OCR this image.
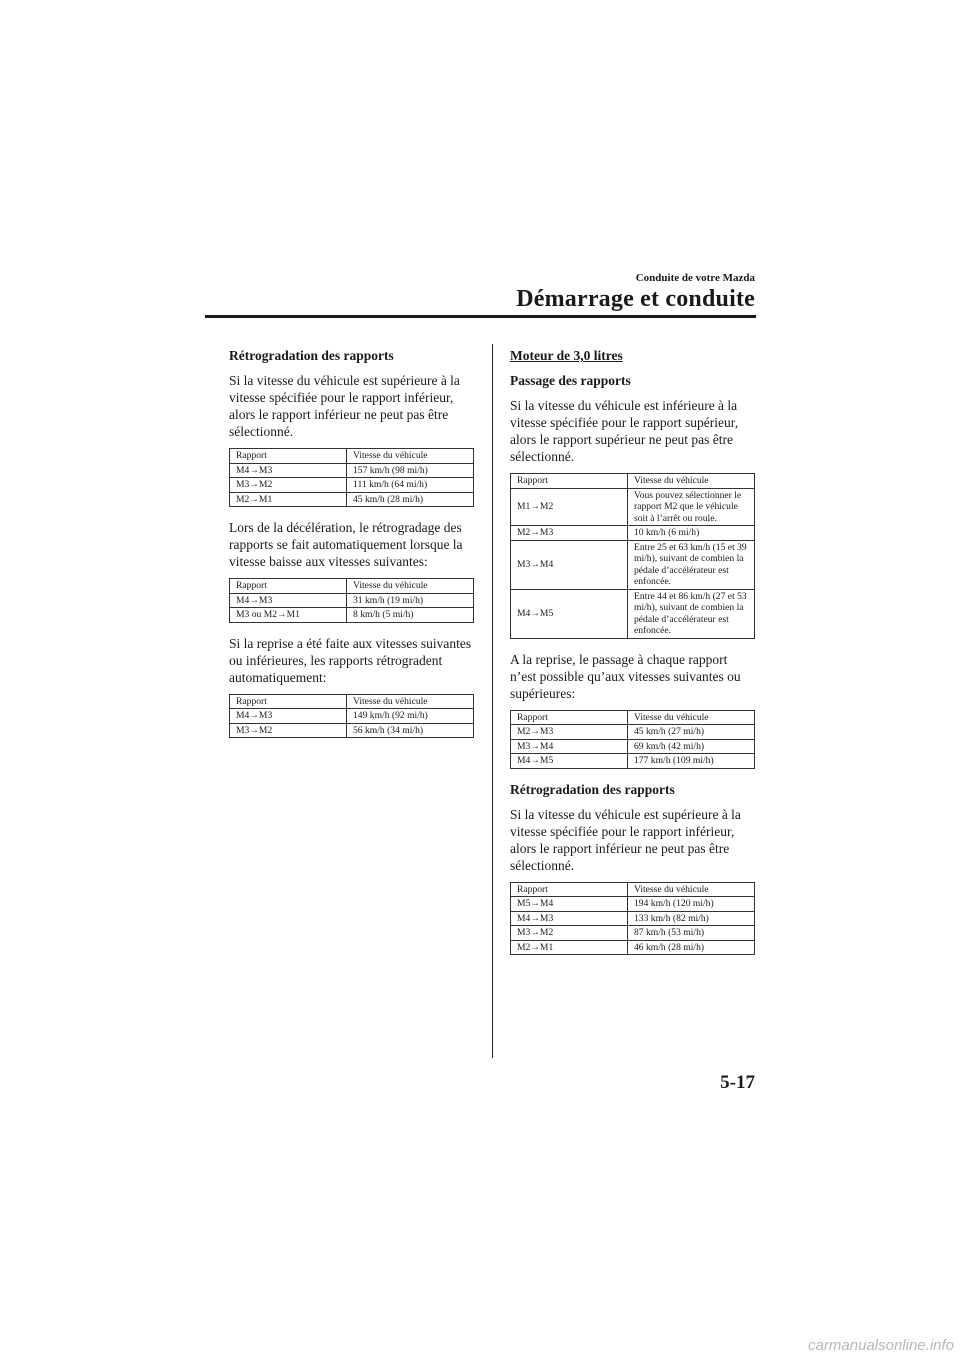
Conduite de votre Mazda
Démarrage et conduite
Rétrogradation des rapports

Si la vitesse du véhicule est supérieure à la vitesse spécifiée pour le rapport inférieur, alors le rapport inférieur ne peut pas être sélectionné.

Rapport	Vitesse du véhicule
M4→M3	157 km/h (98 mi/h)
M3→M2	111 km/h (64 mi/h)
M2→M1	45 km/h (28 mi/h)

Lors de la décélération, le rétrogradage des rapports se fait automatiquement lorsque la vitesse baisse aux vitesses suivantes:

Rapport	Vitesse du véhicule
M4→M3	31 km/h (19 mi/h)
M3 ou M2→M1	8 km/h (5 mi/h)

Si la reprise a été faite aux vitesses suivantes ou inférieures, les rapports rétrogradent automatiquement:

Rapport	Vitesse du véhicule
M4→M3	149 km/h (92 mi/h)
M3→M2	56 km/h (34 mi/h)
Moteur de 3,0 litres
Passage des rapports

Si la vitesse du véhicule est inférieure à la vitesse spécifiée pour le rapport supérieur, alors le rapport supérieur ne peut pas être sélectionné.

Rapport	Vitesse du véhicule
M1→M2	Vous pouvez sélectionner le rapport M2 que le véhicule soit à l’arrêt ou roule.
M2→M3	10 km/h (6 mi/h)
M3→M4	Entre 25 et 63 km/h (15 et 39 mi/h), suivant de combien la pédale d’accélérateur est enfoncée.
M4→M5	Entre 44 et 86 km/h (27 et 53 mi/h), suivant de combien la pédale d’accélérateur est enfoncée.

A la reprise, le passage à chaque rapport n’est possible qu’aux vitesses suivantes ou supérieures:

Rapport	Vitesse du véhicule
M2→M3	45 km/h (27 mi/h)
M3→M4	69 km/h (42 mi/h)
M4→M5	177 km/h (109 mi/h)
Rétrogradation des rapports

Si la vitesse du véhicule est supérieure à la vitesse spécifiée pour le rapport inférieur, alors le rapport inférieur ne peut pas être sélectionné.

Rapport	Vitesse du véhicule
M5→M4	194 km/h (120 mi/h)
M4→M3	133 km/h (82 mi/h)
M3→M2	87 km/h (53 mi/h)
M2→M1	46 km/h (28 mi/h)
5-17
carmanualsonline.info
